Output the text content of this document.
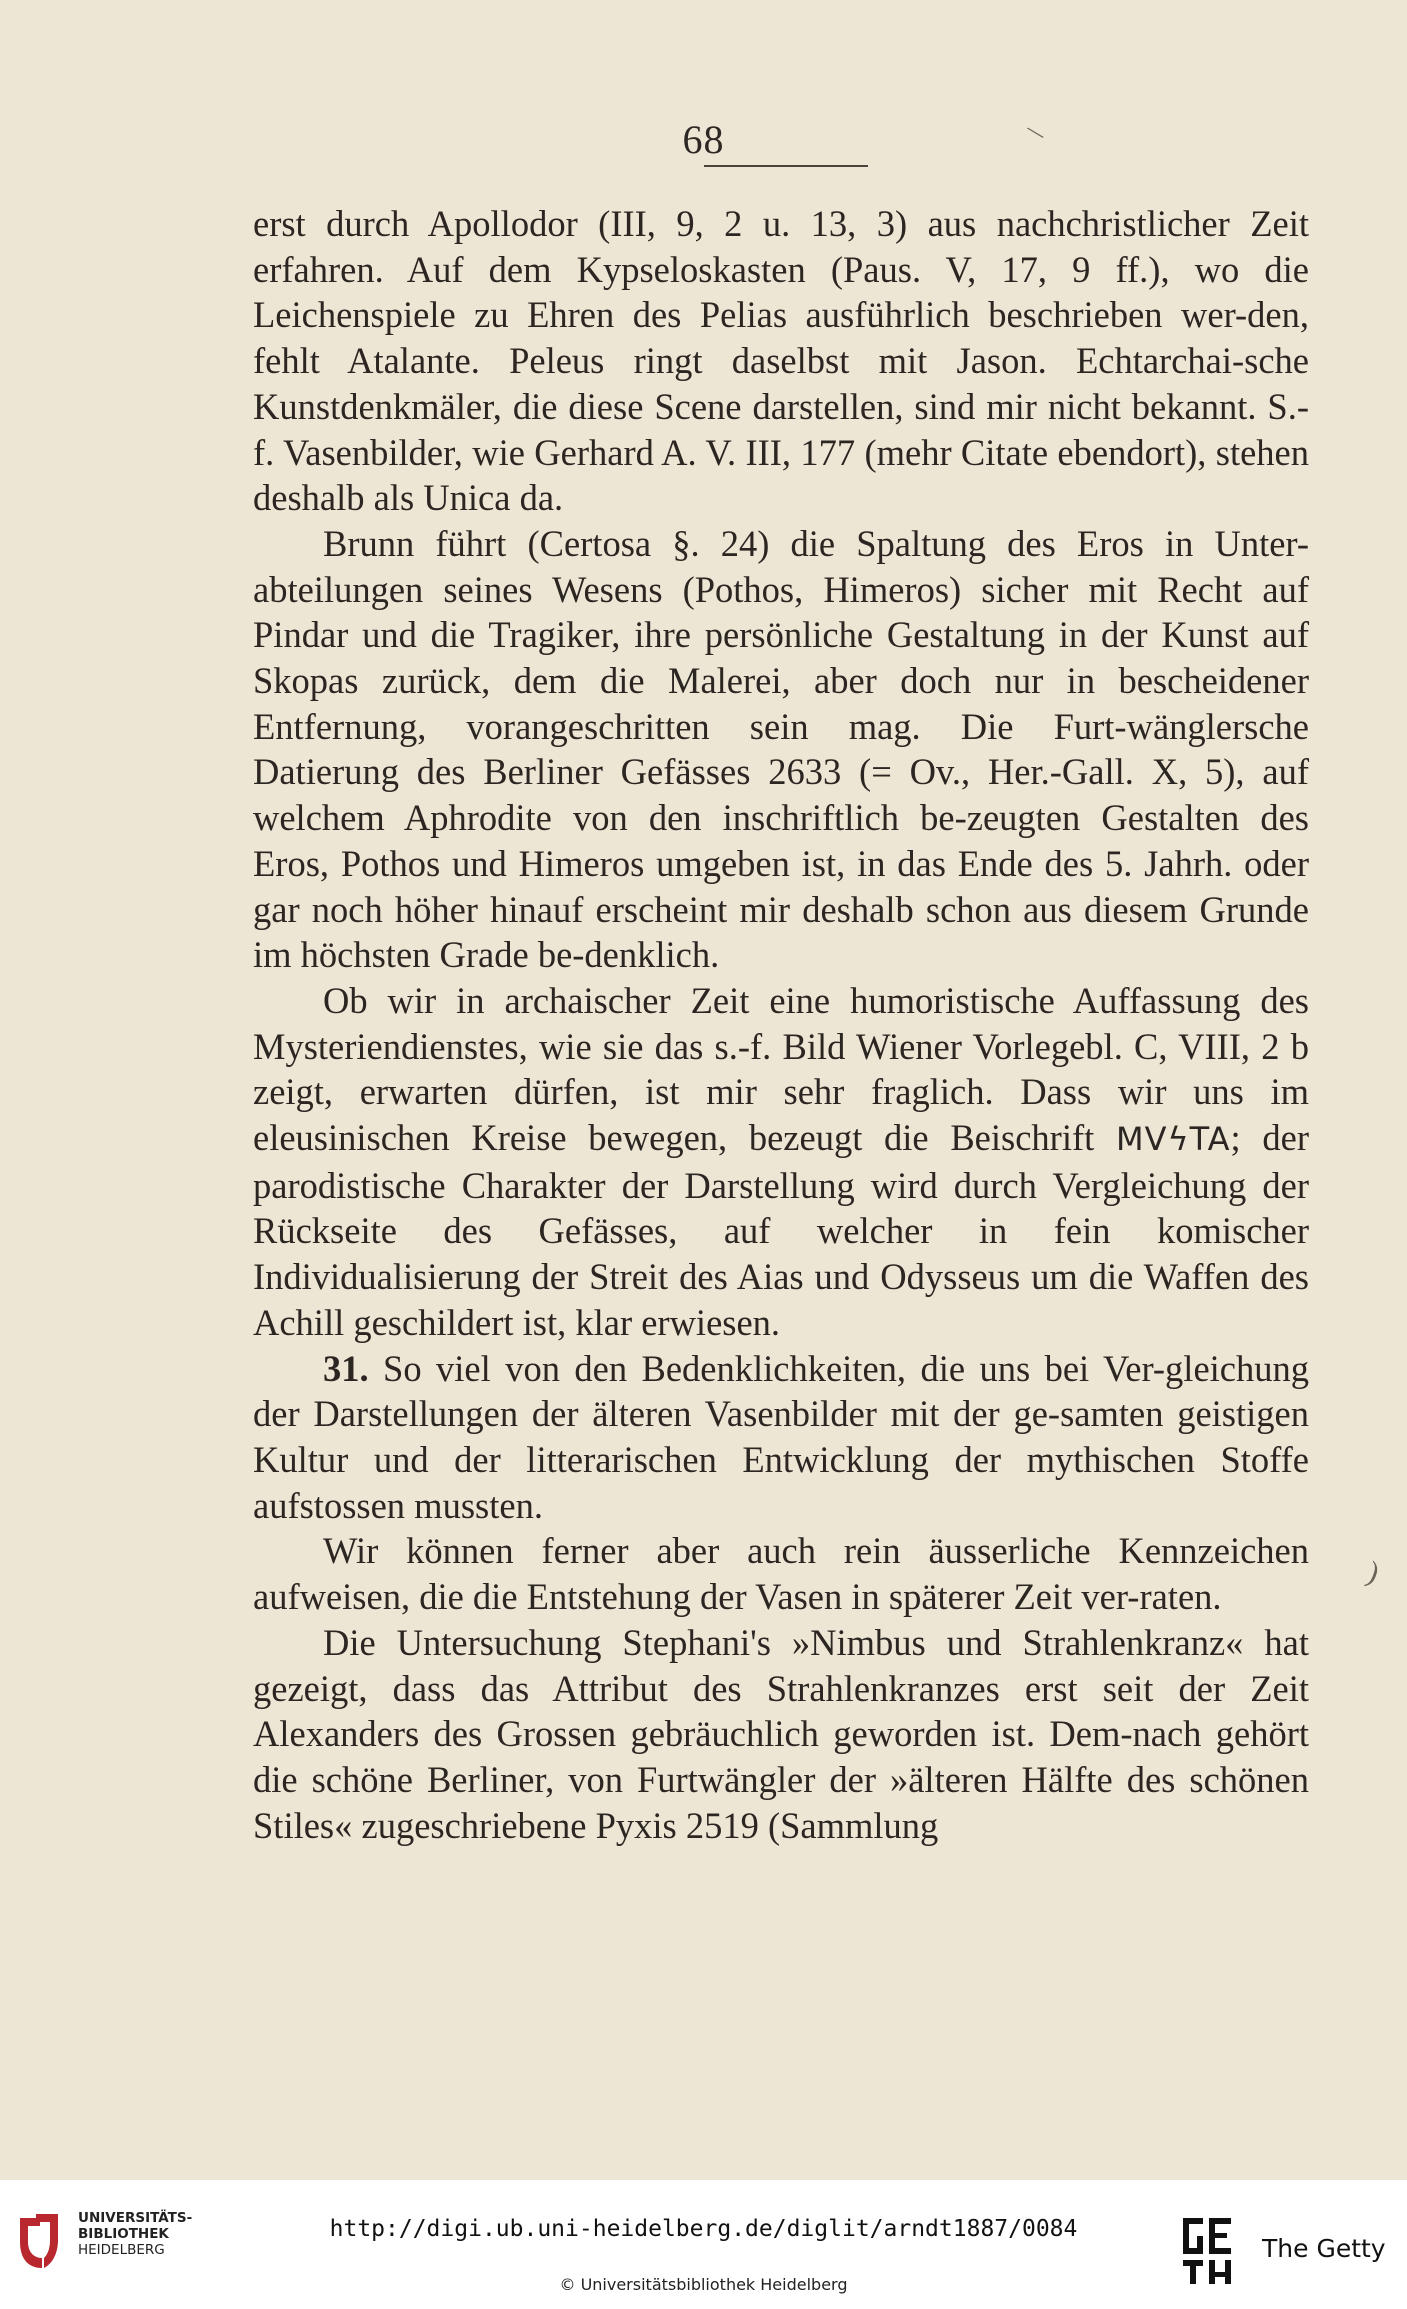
68

erst durch Apollodor (III, 9, 2 u. 13, 3) aus nachchristlicher Zeit erfahren. Auf dem Kypseloskasten (Paus. V, 17, 9 ff.), wo die Leichenspiele zu Ehren des Pelias ausführlich beschrieben wer-den, fehlt Atalante. Peleus ringt daselbst mit Jason. Echtarchai-sche Kunstdenkmäler, die diese Scene darstellen, sind mir nicht bekannt. S.-f. Vasenbilder, wie Gerhard A. V. III, 177 (mehr Citate ebendort), stehen deshalb als Unica da.

Brunn führt (Certosa §. 24) die Spaltung des Eros in Unter-abteilungen seines Wesens (Pothos, Himeros) sicher mit Recht auf Pindar und die Tragiker, ihre persönliche Gestaltung in der Kunst auf Skopas zurück, dem die Malerei, aber doch nur in bescheidener Entfernung, vorangeschritten sein mag. Die Furt-wänglersche Datierung des Berliner Gefässes 2633 (= Ov., Her.-Gall. X, 5), auf welchem Aphrodite von den inschriftlich be-zeugten Gestalten des Eros, Pothos und Himeros umgeben ist, in das Ende des 5. Jahrh. oder gar noch höher hinauf erscheint mir deshalb schon aus diesem Grunde im höchsten Grade be-denklich.

Ob wir in archaischer Zeit eine humoristische Auffassung des Mysteriendienstes, wie sie das s.-f. Bild Wiener Vorlegebl. C, VIII, 2 b zeigt, erwarten dürfen, ist mir sehr fraglich. Dass wir uns im eleusinischen Kreise bewegen, bezeugt die Beischrift MVϟTA; der parodistische Charakter der Darstellung wird durch Vergleichung der Rückseite des Gefässes, auf welcher in fein komischer Individualisierung der Streit des Aias und Odysseus um die Waffen des Achill geschildert ist, klar erwiesen.

31. So viel von den Bedenklichkeiten, die uns bei Ver-gleichung der Darstellungen der älteren Vasenbilder mit der ge-samten geistigen Kultur und der litterarischen Entwicklung der mythischen Stoffe aufstossen mussten.

Wir können ferner aber auch rein äusserliche Kennzeichen aufweisen, die die Entstehung der Vasen in späterer Zeit ver-raten.

Die Untersuchung Stephani's »Nimbus und Strahlenkranz« hat gezeigt, dass das Attribut des Strahlenkranzes erst seit der Zeit Alexanders des Grossen gebräuchlich geworden ist. Dem-nach gehört die schöne Berliner, von Furtwängler der »älteren Hälfte des schönen Stiles« zugeschriebene Pyxis 2519 (Sammlung

\
)
UNIVERSITÄTS-
BIBLIOTHEK
HEIDELBERG
http://digi.ub.uni-heidelberg.de/diglit/arndt1887/0084
© Universitätsbibliothek Heidelberg
The Getty
